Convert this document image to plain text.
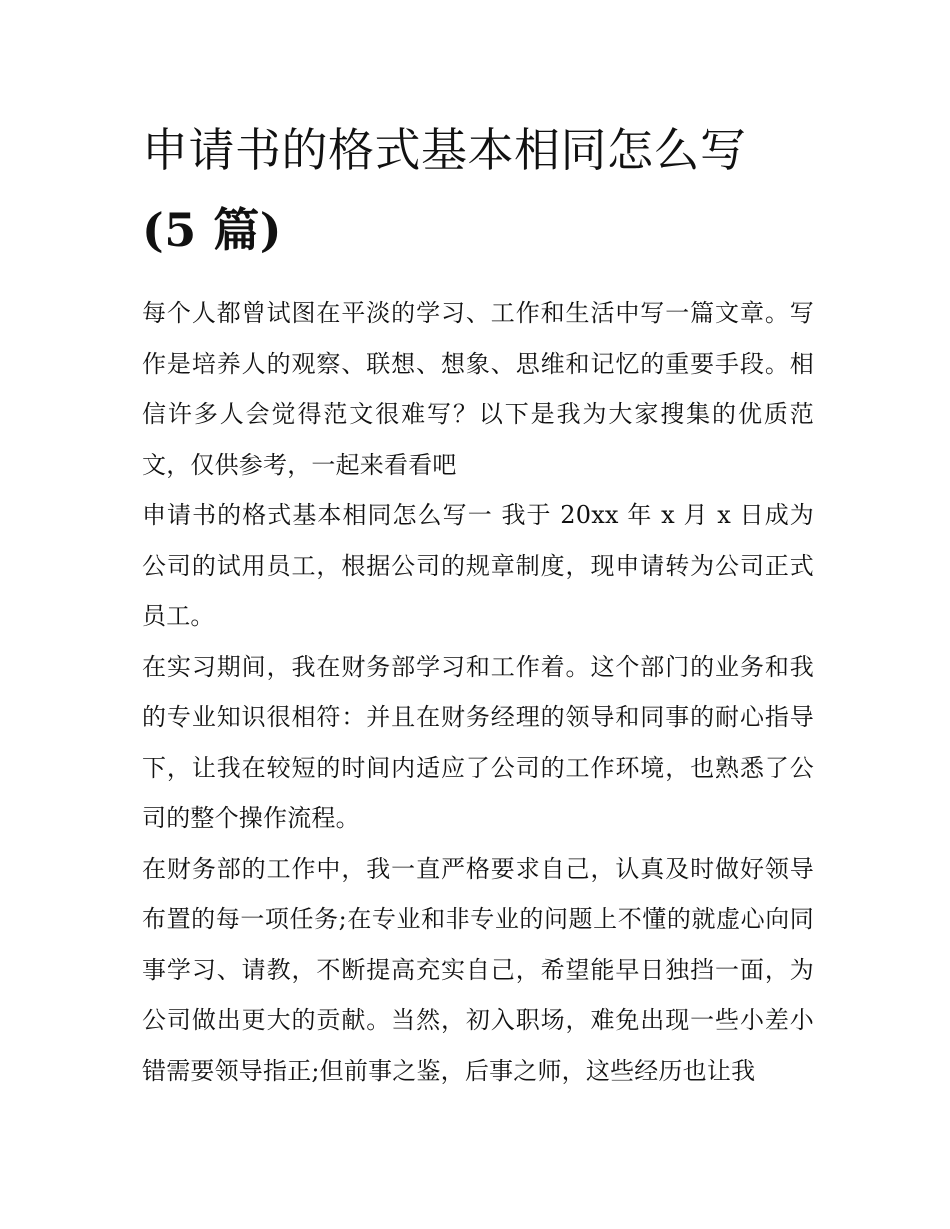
申请书的格式基本相同怎么写
(5 篇)

每个人都曾试图在平淡的学习、工作和生活中写一篇文章。写作是培养人的观察、联想、想象、思维和记忆的重要手段。相信许多人会觉得范文很难写？以下是我为大家搜集的优质范文，仅供参考，一起来看看吧

申请书的格式基本相同怎么写一 我于 20xx 年 x 月 x 日成为公司的试用员工，根据公司的规章制度，现申请转为公司正式员工。

在实习期间，我在财务部学习和工作着。这个部门的业务和我的专业知识很相符：并且在财务经理的领导和同事的耐心指导下，让我在较短的时间内适应了公司的工作环境，也熟悉了公司的整个操作流程。

在财务部的工作中，我一直严格要求自己，认真及时做好领导布置的每一项任务;在专业和非专业的问题上不懂的就虚心向同事学习、请教，不断提高充实自己，希望能早日独挡一面，为公司做出更大的贡献。当然，初入职场，难免出现一些小差小错需要领导指正;但前事之鉴，后事之师，这些经历也让我
